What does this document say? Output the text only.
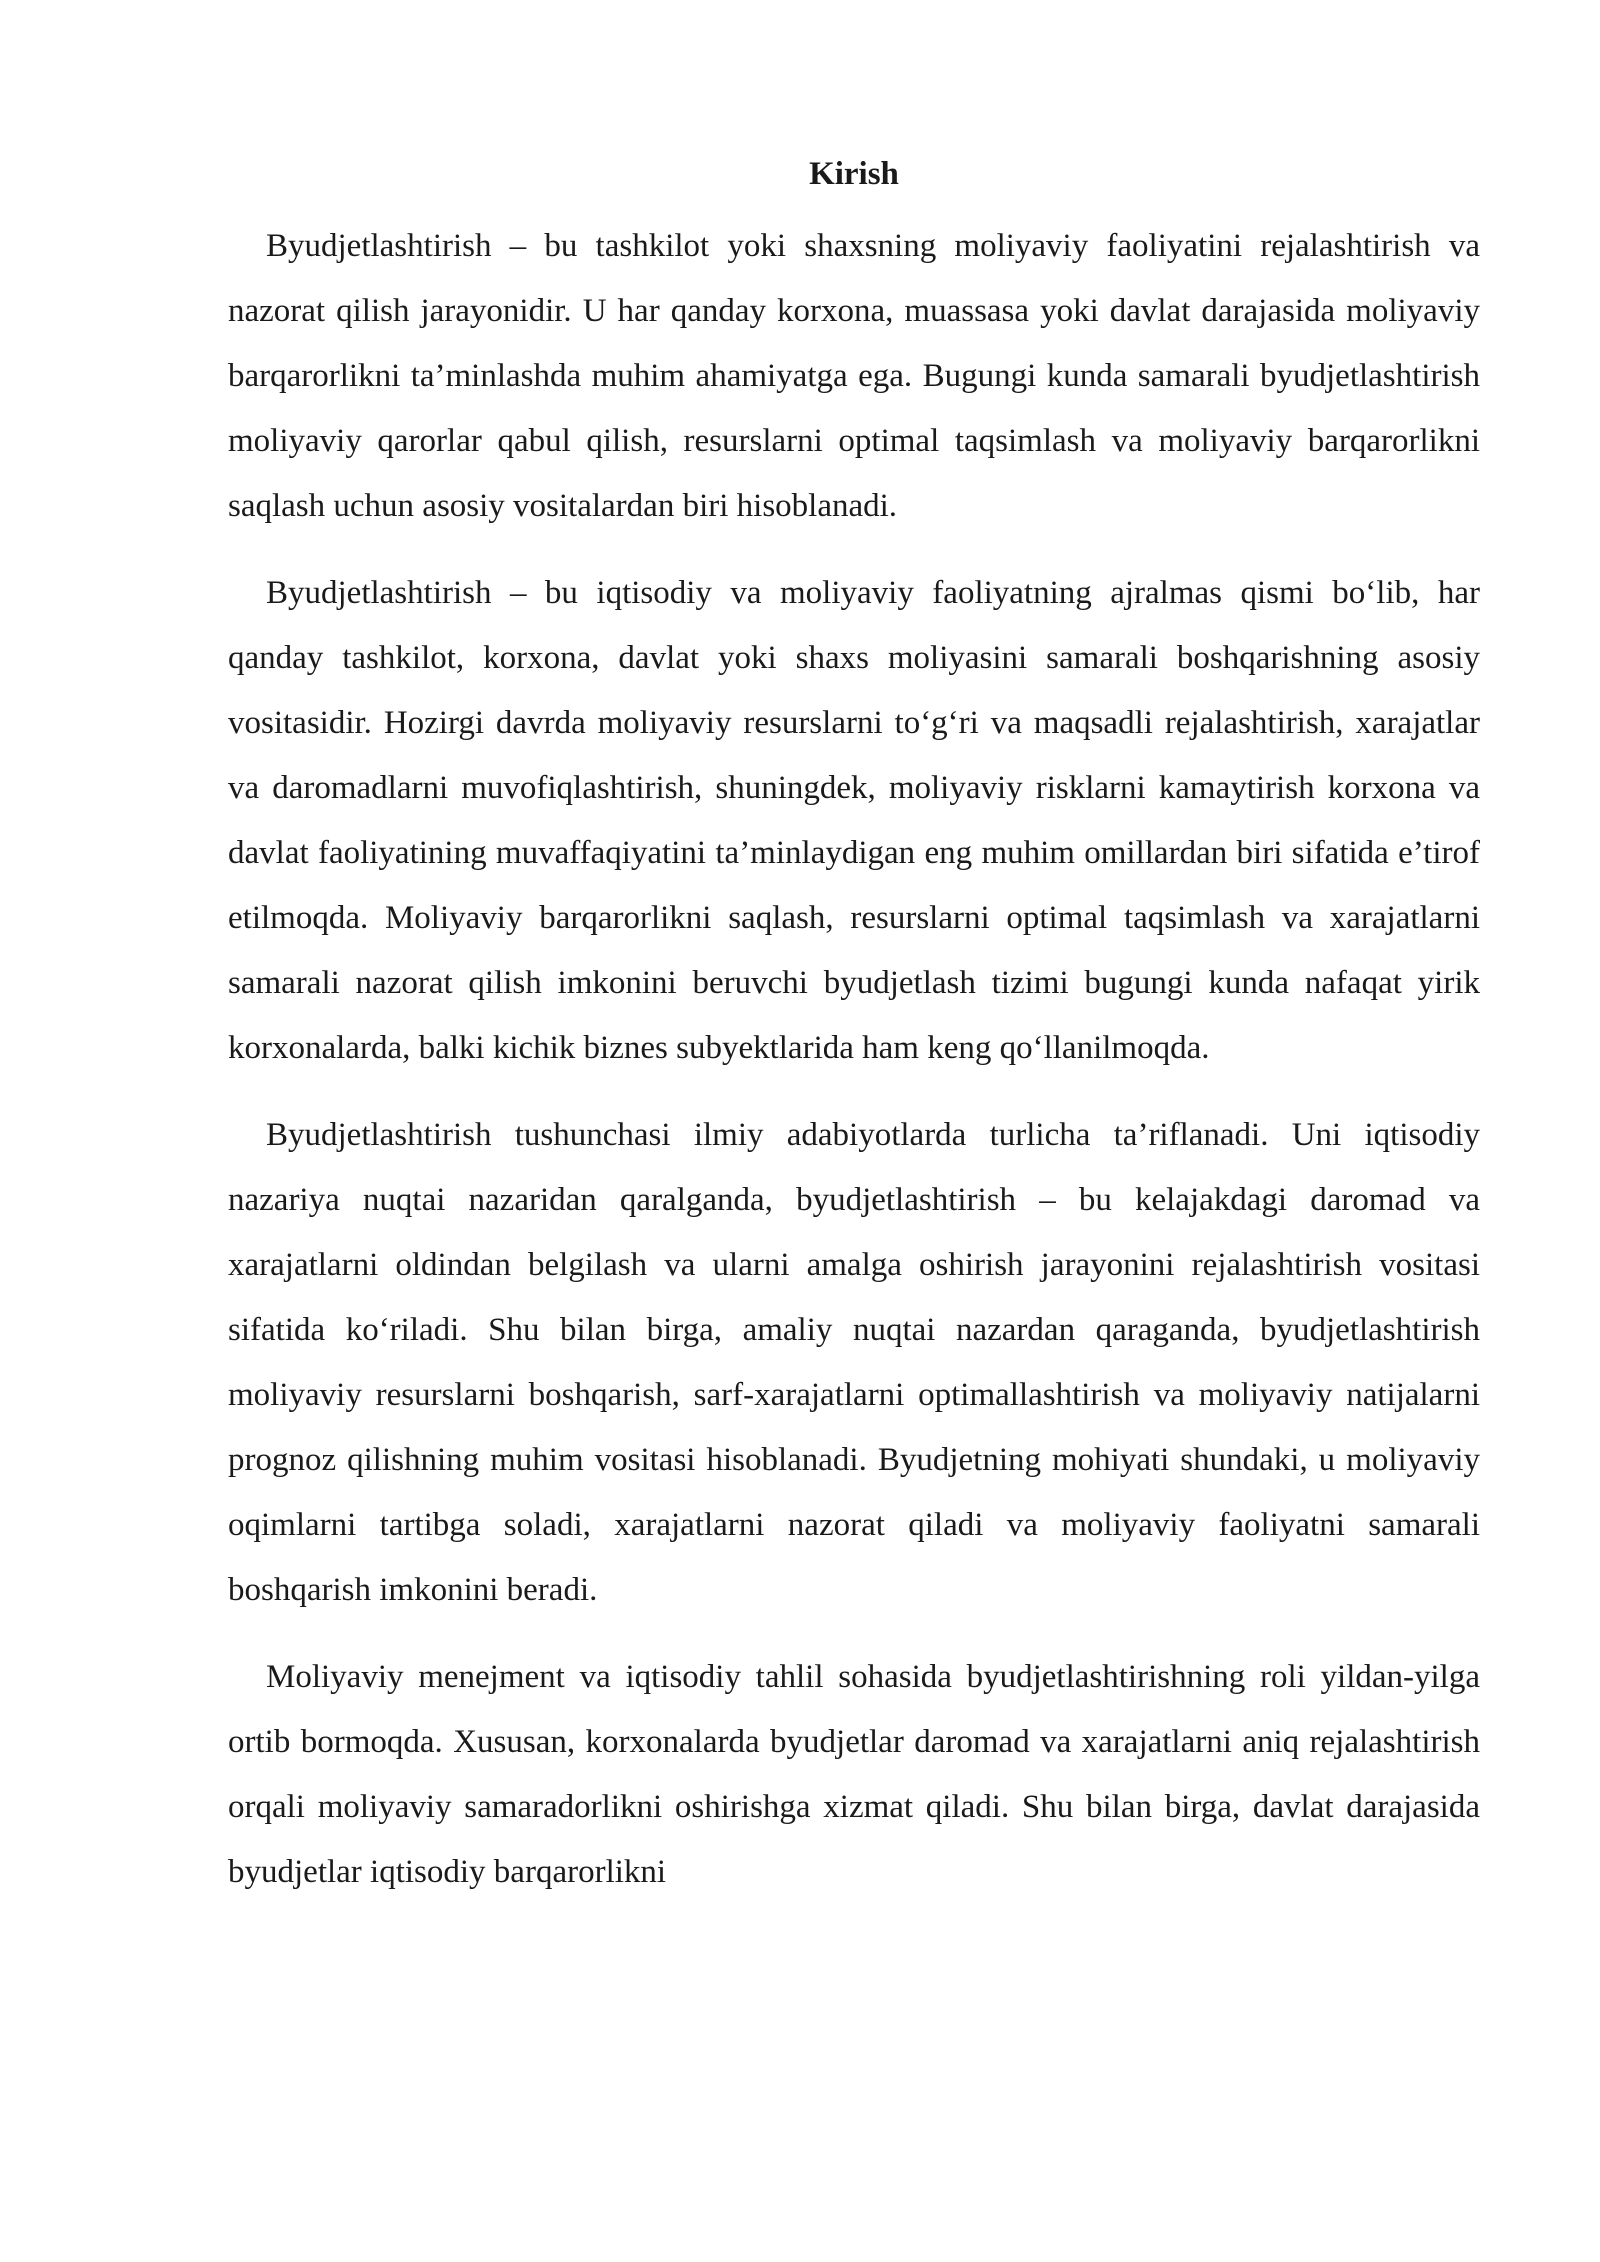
Kirish

Byudjetlashtirish – bu tashkilot yoki shaxsning moliyaviy faoliyatini rejalashtirish va nazorat qilish jarayonidir. U har qanday korxona, muassasa yoki davlat darajasida moliyaviy barqarorlikni ta’minlashda muhim ahamiyatga ega. Bugungi kunda samarali byudjetlashtirish moliyaviy qarorlar qabul qilish, resurslarni optimal taqsimlash va moliyaviy barqarorlikni saqlash uchun asosiy vositalardan biri hisoblanadi.

Byudjetlashtirish – bu iqtisodiy va moliyaviy faoliyatning ajralmas qismi bo‘lib, har qanday tashkilot, korxona, davlat yoki shaxs moliyasini samarali boshqarishning asosiy vositasidir. Hozirgi davrda moliyaviy resurslarni to‘g‘ri va maqsadli rejalashtirish, xarajatlar va daromadlarni muvofiqlashtirish, shuningdek, moliyaviy risklarni kamaytirish korxona va davlat faoliyatining muvaffaqiyatini ta’minlaydigan eng muhim omillardan biri sifatida e’tirof etilmoqda. Moliyaviy barqarorlikni saqlash, resurslarni optimal taqsimlash va xarajatlarni samarali nazorat qilish imkonini beruvchi byudjetlash tizimi bugungi kunda nafaqat yirik korxonalarda, balki kichik biznes subyektlarida ham keng qo‘llanilmoqda.

Byudjetlashtirish tushunchasi ilmiy adabiyotlarda turlicha ta’riflanadi. Uni iqtisodiy nazariya nuqtai nazaridan qaralganda, byudjetlashtirish – bu kelajakdagi daromad va xarajatlarni oldindan belgilash va ularni amalga oshirish jarayonini rejalashtirish vositasi sifatida ko‘riladi. Shu bilan birga, amaliy nuqtai nazardan qaraganda, byudjetlashtirish moliyaviy resurslarni boshqarish, sarf-xarajatlarni optimallashtirish va moliyaviy natijalarni prognoz qilishning muhim vositasi hisoblanadi. Byudjetning mohiyati shundaki, u moliyaviy oqimlarni tartibga soladi, xarajatlarni nazorat qiladi va moliyaviy faoliyatni samarali boshqarish imkonini beradi.

Moliyaviy menejment va iqtisodiy tahlil sohasida byudjetlashtirishning roli yildan-yilga ortib bormoqda. Xususan, korxonalarda byudjetlar daromad va xarajatlarni aniq rejalashtirish orqali moliyaviy samaradorlikni oshirishga xizmat qiladi. Shu bilan birga, davlat darajasida byudjetlar iqtisodiy barqarorlikni
